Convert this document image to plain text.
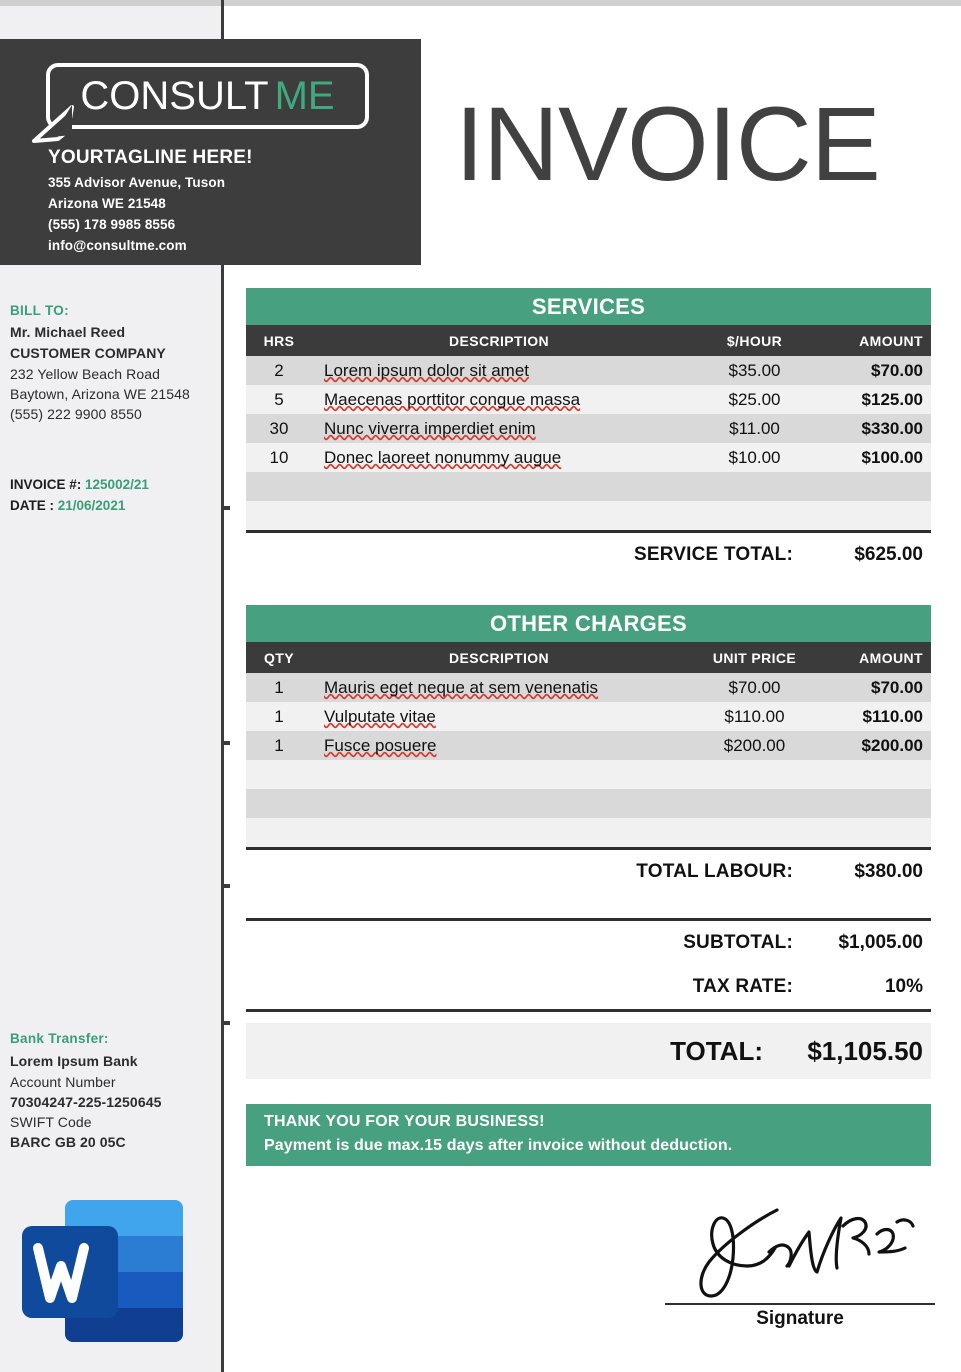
CONSULT ME
YOURTAGLINE HERE!
355 Advisor Avenue, Tuson
Arizona WE 21548
(555) 178 9985 8556
info@consultme.com
INVOICE
BILL TO:
Mr. Michael Reed
CUSTOMER COMPANY
232 Yellow Beach Road
Baytown, Arizona WE 21548
(555) 222 9900 8550
INVOICE #: 125002/21
DATE : 21/06/2021
Bank Transfer:
Lorem Ipsum Bank
Account Number
70304247-225-1250645
SWIFT Code
BARC GB 20 05C
SERVICES
HRS	DESCRIPTION	$/HOUR	AMOUNT
2	Lorem ipsum dolor sit amet	$35.00	$70.00
5	Maecenas porttitor congue massa	$25.00	$125.00
30	Nunc viverra imperdiet enim	$11.00	$330.00
10	Donec laoreet nonummy augue	$10.00	$100.00
SERVICE TOTAL:	$625.00
OTHER CHARGES
QTY	DESCRIPTION	UNIT PRICE	AMOUNT
1	Mauris eget neque at sem venenatis	$70.00	$70.00
1	Vulputate vitae	$110.00	$110.00
1	Fusce posuere	$200.00	$200.00
TOTAL LABOUR:	$380.00
SUBTOTAL:	$1,005.00
TAX RATE:	10%
TOTAL:	$1,105.50
THANK YOU FOR YOUR BUSINESS!
Payment is due max.15 days after invoice without deduction.
Signature
